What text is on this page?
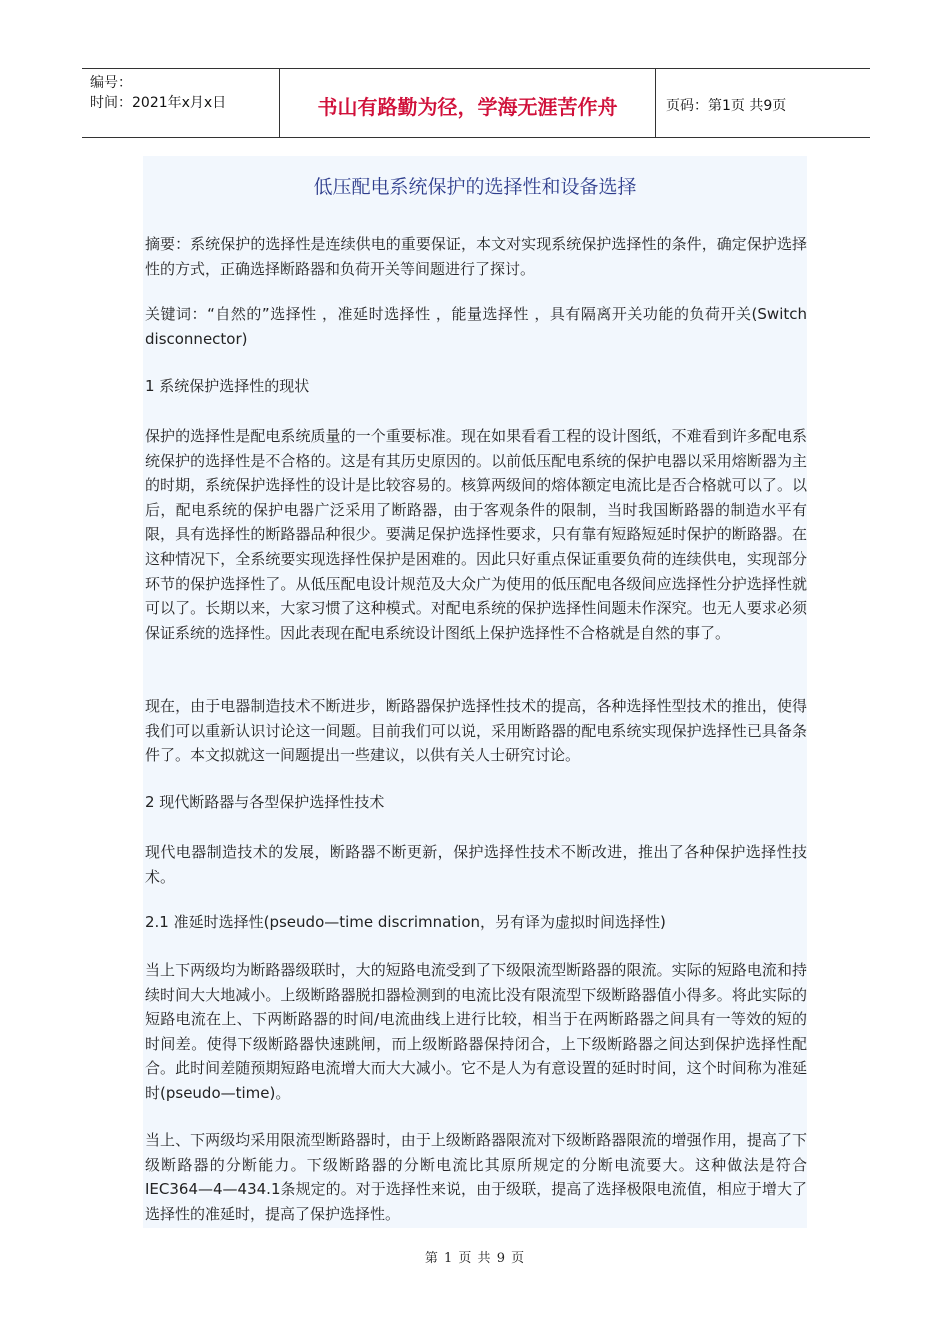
编号：
时间：2021年x月x日	书山有路勤为径，学海无涯苦作舟	页码：第1页 共9页
低压配电系统保护的选择性和设备选择
摘要：系统保护的选择性是连续供电的重要保证，本文对实现系统保护选择性的条件，确定保护选择性的方式，正确选择断路器和负荷开关等间题进行了探讨。
关键词：“自然的”选择性 ，准延时选择性 ，能量选择性 ，具有隔离开关功能的负荷开关(Switch disconnector)
1 系统保护选择性的现状
保护的选择性是配电系统质量的一个重要标准。现在如果看看工程的设计图纸，不难看到许多配电系统保护的选择性是不合格的。这是有其历史原因的。以前低压配电系统的保护电器以采用熔断器为主的时期，系统保护选择性的设计是比较容易的。核算两级间的熔体额定电流比是否合格就可以了。以后，配电系统的保护电器广泛采用了断路器，由于客观条件的限制，当时我国断路器的制造水平有限，具有选择性的断路器品种很少。要满足保护选择性要求，只有靠有短路短延时保护的断路器。在这种情况下，全系统要实现选择性保护是困难的。因此只好重点保证重要负荷的连续供电，实现部分环节的保护选择性了。从低压配电设计规范及大众广为使用的低压配电各级间应选择性分护选择性就可以了。长期以来，大家习惯了这种模式。对配电系统的保护选择性间题未作深究。也无人要求必须保证系统的选择性。因此表现在配电系统设计图纸上保护选择性不合格就是自然的事了。
现在，由于电器制造技术不断进步，断路器保护选择性技术的提高，各种选择性型技术的推出，使得我们可以重新认识讨论这一间题。目前我们可以说，采用断路器的配电系统实现保护选择性已具备条件了。本文拟就这一间题提出一些建议，以供有关人士研究讨论。
2 现代断路器与各型保护选择性技术
现代电器制造技术的发展，断路器不断更新，保护选择性技术不断改进，推出了各种保护选择性技术。
2.1 准延时选择性(pseudo—time discrimnation，另有译为虚拟时间选择性)
当上下两级均为断路器级联时，大的短路电流受到了下级限流型断路器的限流。实际的短路电流和持续时间大大地减小。上级断路器脱扣器检测到的电流比没有限流型下级断路器值小得多。将此实际的短路电流在上、下两断路器的时间/电流曲线上进行比较，相当于在两断路器之间具有一等效的短的时间差。使得下级断路器快速跳闸，而上级断路器保持闭合，上下级断路器之间达到保护选择性配合。此时间差随预期短路电流增大而大大减小。它不是人为有意设置的延时时间，这个时间称为准延时(pseudo—time)。
当上、下两级均采用限流型断路器时，由于上级断路器限流对下级断路器限流的增强作用，提高了下级断路器的分断能力。下级断路器的分断电流比其原所规定的分断电流要大。这种做法是符合IEC364—4—434.1条规定的。对于选择性来说，由于级联，提高了选择极限电流值，相应于增大了选择性的准延时，提高了保护选择性。
第 1 页 共 9 页
